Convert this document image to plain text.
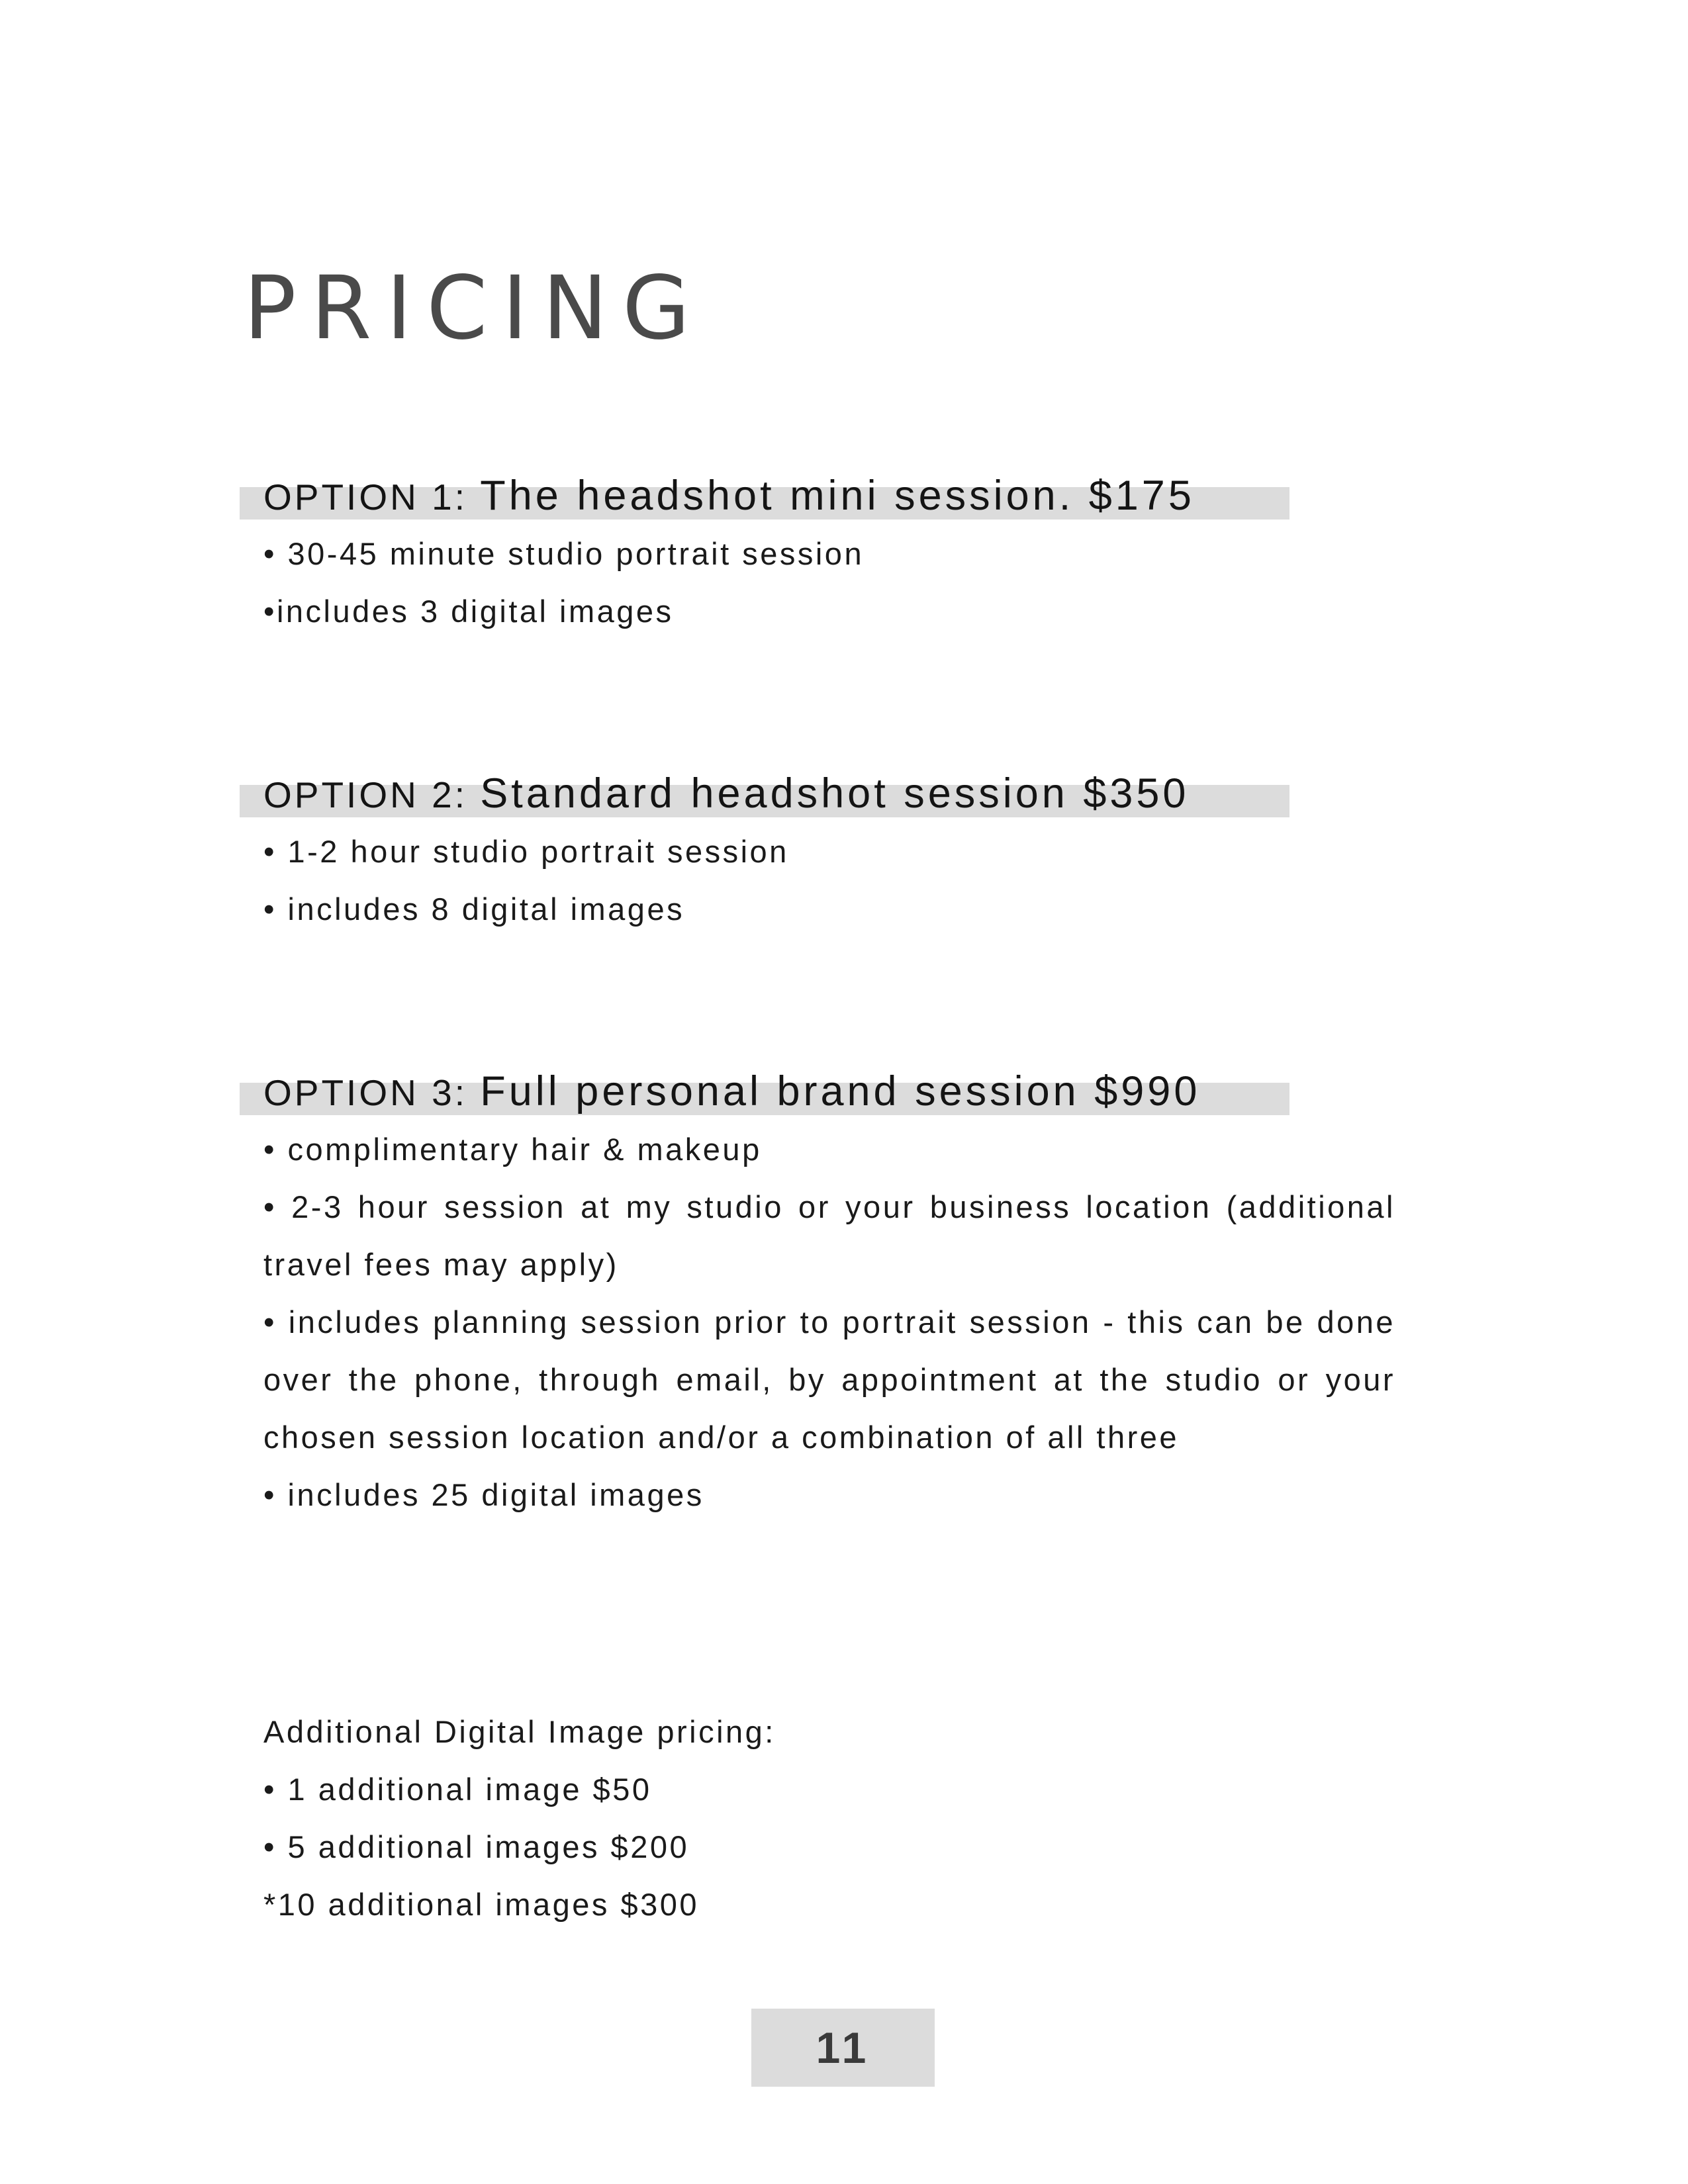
PRICING
OPTION 1: The headshot mini session. $175
• 30-45 minute studio portrait session
•includes 3 digital images
OPTION 2: Standard headshot session $350
• 1-2 hour studio portrait session
• includes 8 digital images
OPTION 3: Full personal brand session $990
• complimentary hair & makeup
• 2-3 hour session at my studio or your business location (additional travel fees may apply)
• includes planning session prior to portrait session - this can be done over the phone, through email, by appointment at the studio or your chosen session location and/or a combination of all three
• includes 25 digital images

Additional Digital Image pricing:

• 1 additional image $50
• 5 additional images $200
*10 additional images $300
11
